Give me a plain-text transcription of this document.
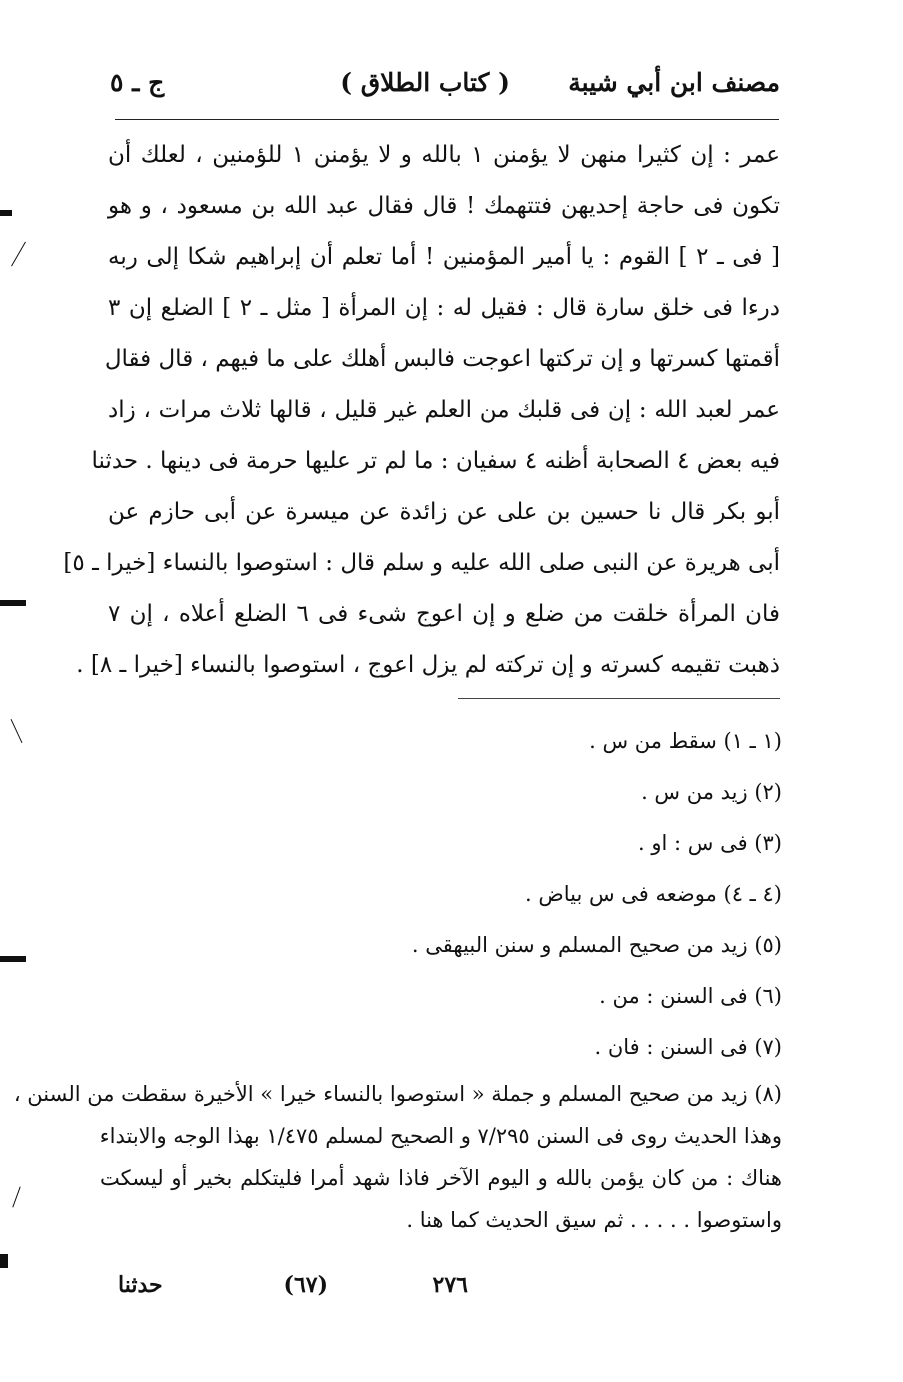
مصنف ابن أبي شيبة
( كتاب الطلاق )
ج ـ ٥
عمر : إن كثيرا منهن لا يؤمنن ١ بالله و لا يؤمنن ١ للؤمنين ، لعلك أن
تكون فى حاجة إحديهن فتتهمك ! قال فقال عبد الله بن مسعود ، و هو
[ فى ـ ٢ ] القوم : يا أمير المؤمنين ! أما تعلم أن إبراهيم شكا إلى ربه
درءا فى خلق سارة قال : فقيل له : إن المرأة [ مثل ـ ٢ ] الضلع إن ٣
أقمتها كسرتها و إن تركتها اعوجت فالبس أهلك على ما فيهم ، قال فقال
عمر لعبد الله : إن فى قلبك من العلم غير قليل ، قالها ثلاث مرات ، زاد
فيه بعض ٤ الصحابة أظنه ٤ سفيان : ما لم تر عليها حرمة فى دينها . حدثنا
أبو بكر قال نا حسين بن على عن زائدة عن ميسرة عن أبى حازم عن
أبى هريرة عن النبى صلى الله عليه و سلم قال : استوصوا بالنساء [خيرا ـ ٥]
فان المرأة خلقت من ضلع و إن اعوج شىء فى ٦ الضلع أعلاه ، إن ٧
ذهبت تقيمه كسرته و إن تركته لم يزل اعوج ، استوصوا بالنساء [خيرا ـ ٨] .
(١ ـ ١) سقط من س .
(٢) زيد من س .
(٣) فى س : او .
(٤ ـ ٤) موضعه فى س بياض .
(٥) زيد من صحيح المسلم و سنن البيهقى .
(٦) فى السنن : من .
(٧) فى السنن : فان .
(٨) زيد من صحيح المسلم و جملة « استوصوا بالنساء خيرا » الأخيرة سقطت من السنن ،
وهذا الحديث روى فى السنن ٧/٢٩٥ و الصحيح لمسلم ١/٤٧٥ بهذا الوجه والابتداء
هناك : من كان يؤمن بالله و اليوم الآخر فاذا شهد أمرا فليتكلم بخير أو ليسكت
واستوصوا . . . . . ثم سيق الحديث كما هنا .
٢٧٦
(٦٧)
حدثنا
